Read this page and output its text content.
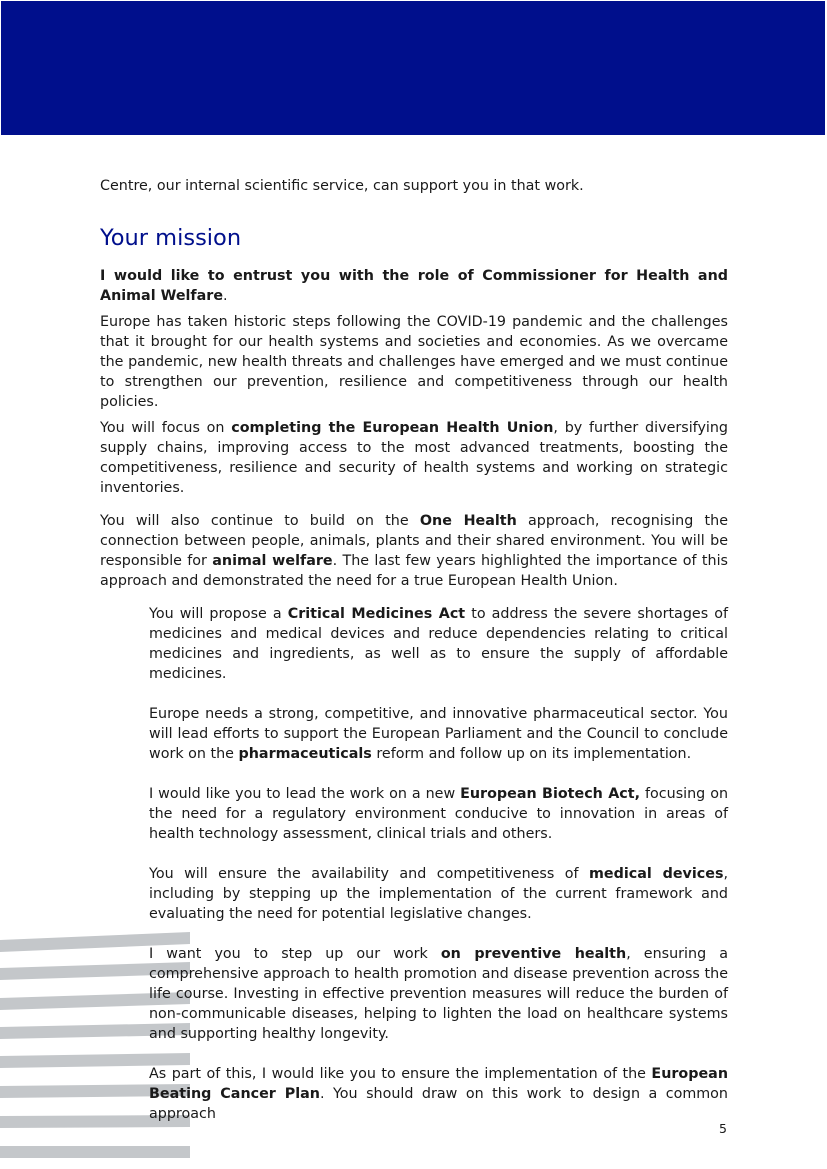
Centre, our internal scientific service, can support you in that work.

Your mission

I would like to entrust you with the role of Commissioner for Health and Animal Welfare.

Europe has taken historic steps following the COVID-19 pandemic and the challenges that it brought for our health systems and societies and economies. As we overcame the pandemic, new health threats and challenges have emerged and we must continue to strengthen our prevention, resilience and competitiveness through our health policies.

You will focus on completing the European Health Union, by further diversifying supply chains, improving access to the most advanced treatments, boosting the competitiveness, resilience and security of health systems and working on strategic inventories.

You will also continue to build on the One Health approach, recognising the connection between people, animals, plants and their shared environment. You will be responsible for animal welfare. The last few years highlighted the importance of this approach and demonstrated the need for a true European Health Union.

You will propose a Critical Medicines Act to address the severe shortages of medicines and medical devices and reduce dependencies relating to critical medicines and ingredients, as well as to ensure the supply of affordable medicines.

Europe needs a strong, competitive, and innovative pharmaceutical sector. You will lead efforts to support the European Parliament and the Council to conclude work on the pharmaceuticals reform and follow up on its implementation.

I would like you to lead the work on a new European Biotech Act, focusing on the need for a regulatory environment conducive to innovation in areas of health technology assessment, clinical trials and others.

You will ensure the availability and competitiveness of medical devices, including by stepping up the implementation of the current framework and evaluating the need for potential legislative changes.

I want you to step up our work on preventive health, ensuring a comprehensive approach to health promotion and disease prevention across the life course. Investing in effective prevention measures will reduce the burden of non-communicable diseases, helping to lighten the load on healthcare systems and supporting healthy longevity.

As part of this, I would like you to ensure the implementation of the European Beating Cancer Plan. You should draw on this work to design a common approach

5
